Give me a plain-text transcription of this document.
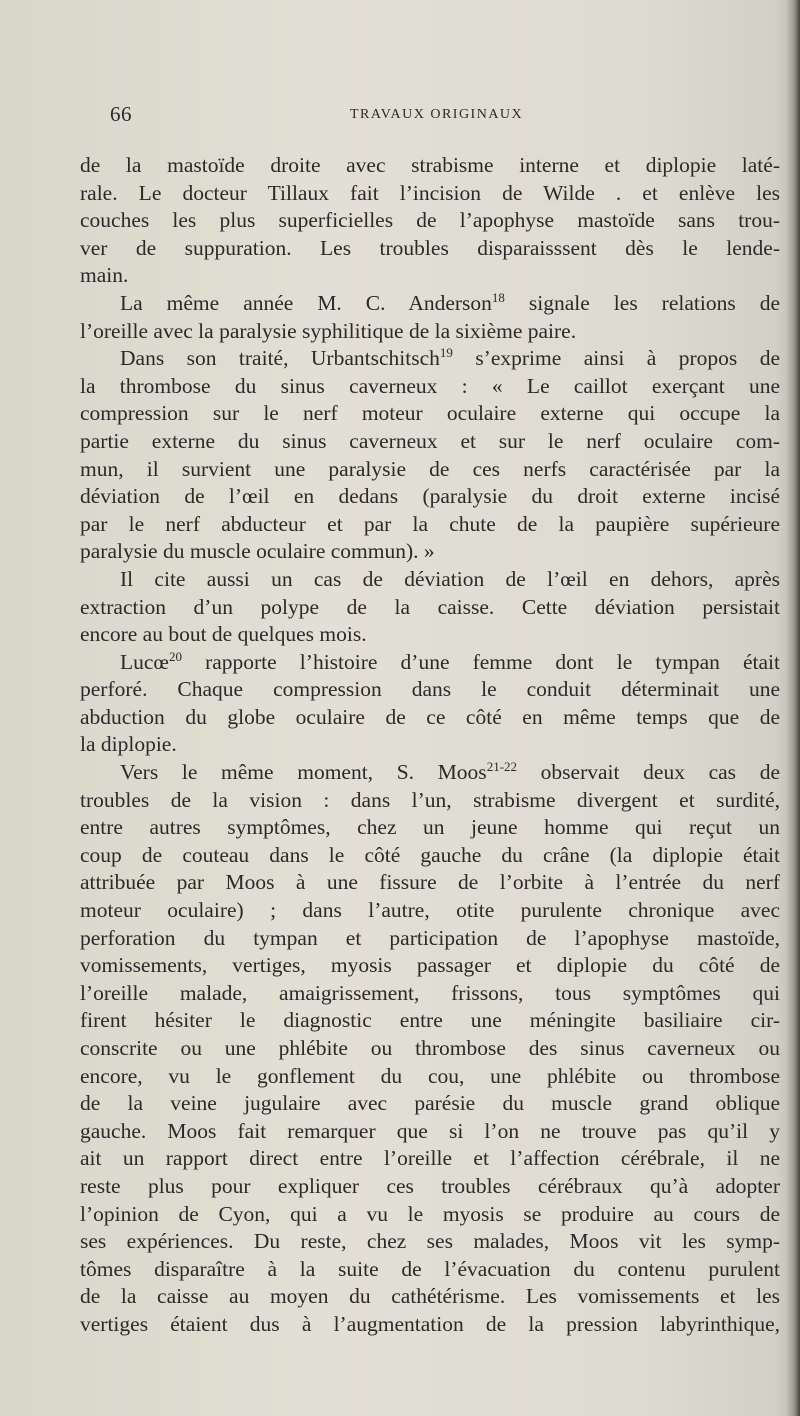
66	TRAVAUX ORIGINAUX
de la mastoïde droite avec strabisme interne et diplopie laté-
rale. Le docteur Tillaux fait l’incision de Wilde . et enlève les
couches les plus superficielles de l’apophyse mastoïde sans trou-
ver de suppuration. Les troubles disparaisssent dès le lende-
main.
La même année M. C. Anderson$^{18}$ signale les relations de
l’oreille avec la paralysie syphilitique de la sixième paire.
Dans son traité, Urbantschitsch$^{19}$ s’exprime ainsi à propos de
la thrombose du sinus caverneux : « Le caillot exerçant une
compression sur le nerf moteur oculaire externe qui occupe la
partie externe du sinus caverneux et sur le nerf oculaire com-
mun, il survient une paralysie de ces nerfs caractérisée par la
déviation de l’œil en dedans (paralysie du droit externe incisé
par le nerf abducteur et par la chute de la paupière supérieure
paralysie du muscle oculaire commun). »
Il cite aussi un cas de déviation de l’œil en dehors, après
extraction d’un polype de la caisse. Cette déviation persistait
encore au bout de quelques mois.
Lucœ$^{20}$ rapporte l’histoire d’une femme dont le tympan était
perforé. Chaque compression dans le conduit déterminait une
abduction du globe oculaire de ce côté en même temps que de
la diplopie.
Vers le même moment, S. Moos$^{21-22}$ observait deux cas de
troubles de la vision : dans l’un, strabisme divergent et surdité,
entre autres symptômes, chez un jeune homme qui reçut un
coup de couteau dans le côté gauche du crâne (la diplopie était
attribuée par Moos à une fissure de l’orbite à l’entrée du nerf
moteur oculaire) ; dans l’autre, otite purulente chronique avec
perforation du tympan et participation de l’apophyse mastoïde,
vomissements, vertiges, myosis passager et diplopie du côté de
l’oreille malade, amaigrissement, frissons, tous symptômes qui
firent hésiter le diagnostic entre une méningite basiliaire cir-
conscrite ou une phlébite ou thrombose des sinus caverneux ou
encore, vu le gonflement du cou, une phlébite ou thrombose
de la veine jugulaire avec parésie du muscle grand oblique
gauche. Moos fait remarquer que si l’on ne trouve pas qu’il y
ait un rapport direct entre l’oreille et l’affection cérébrale, il ne
reste plus pour expliquer ces troubles cérébraux qu’à adopter
l’opinion de Cyon, qui a vu le myosis se produire au cours de
ses expériences. Du reste, chez ses malades, Moos vit les symp-
tômes disparaître à la suite de l’évacuation du contenu purulent
de la caisse au moyen du cathétérisme. Les vomissements et les
vertiges étaient dus à l’augmentation de la pression labyrinthique,
